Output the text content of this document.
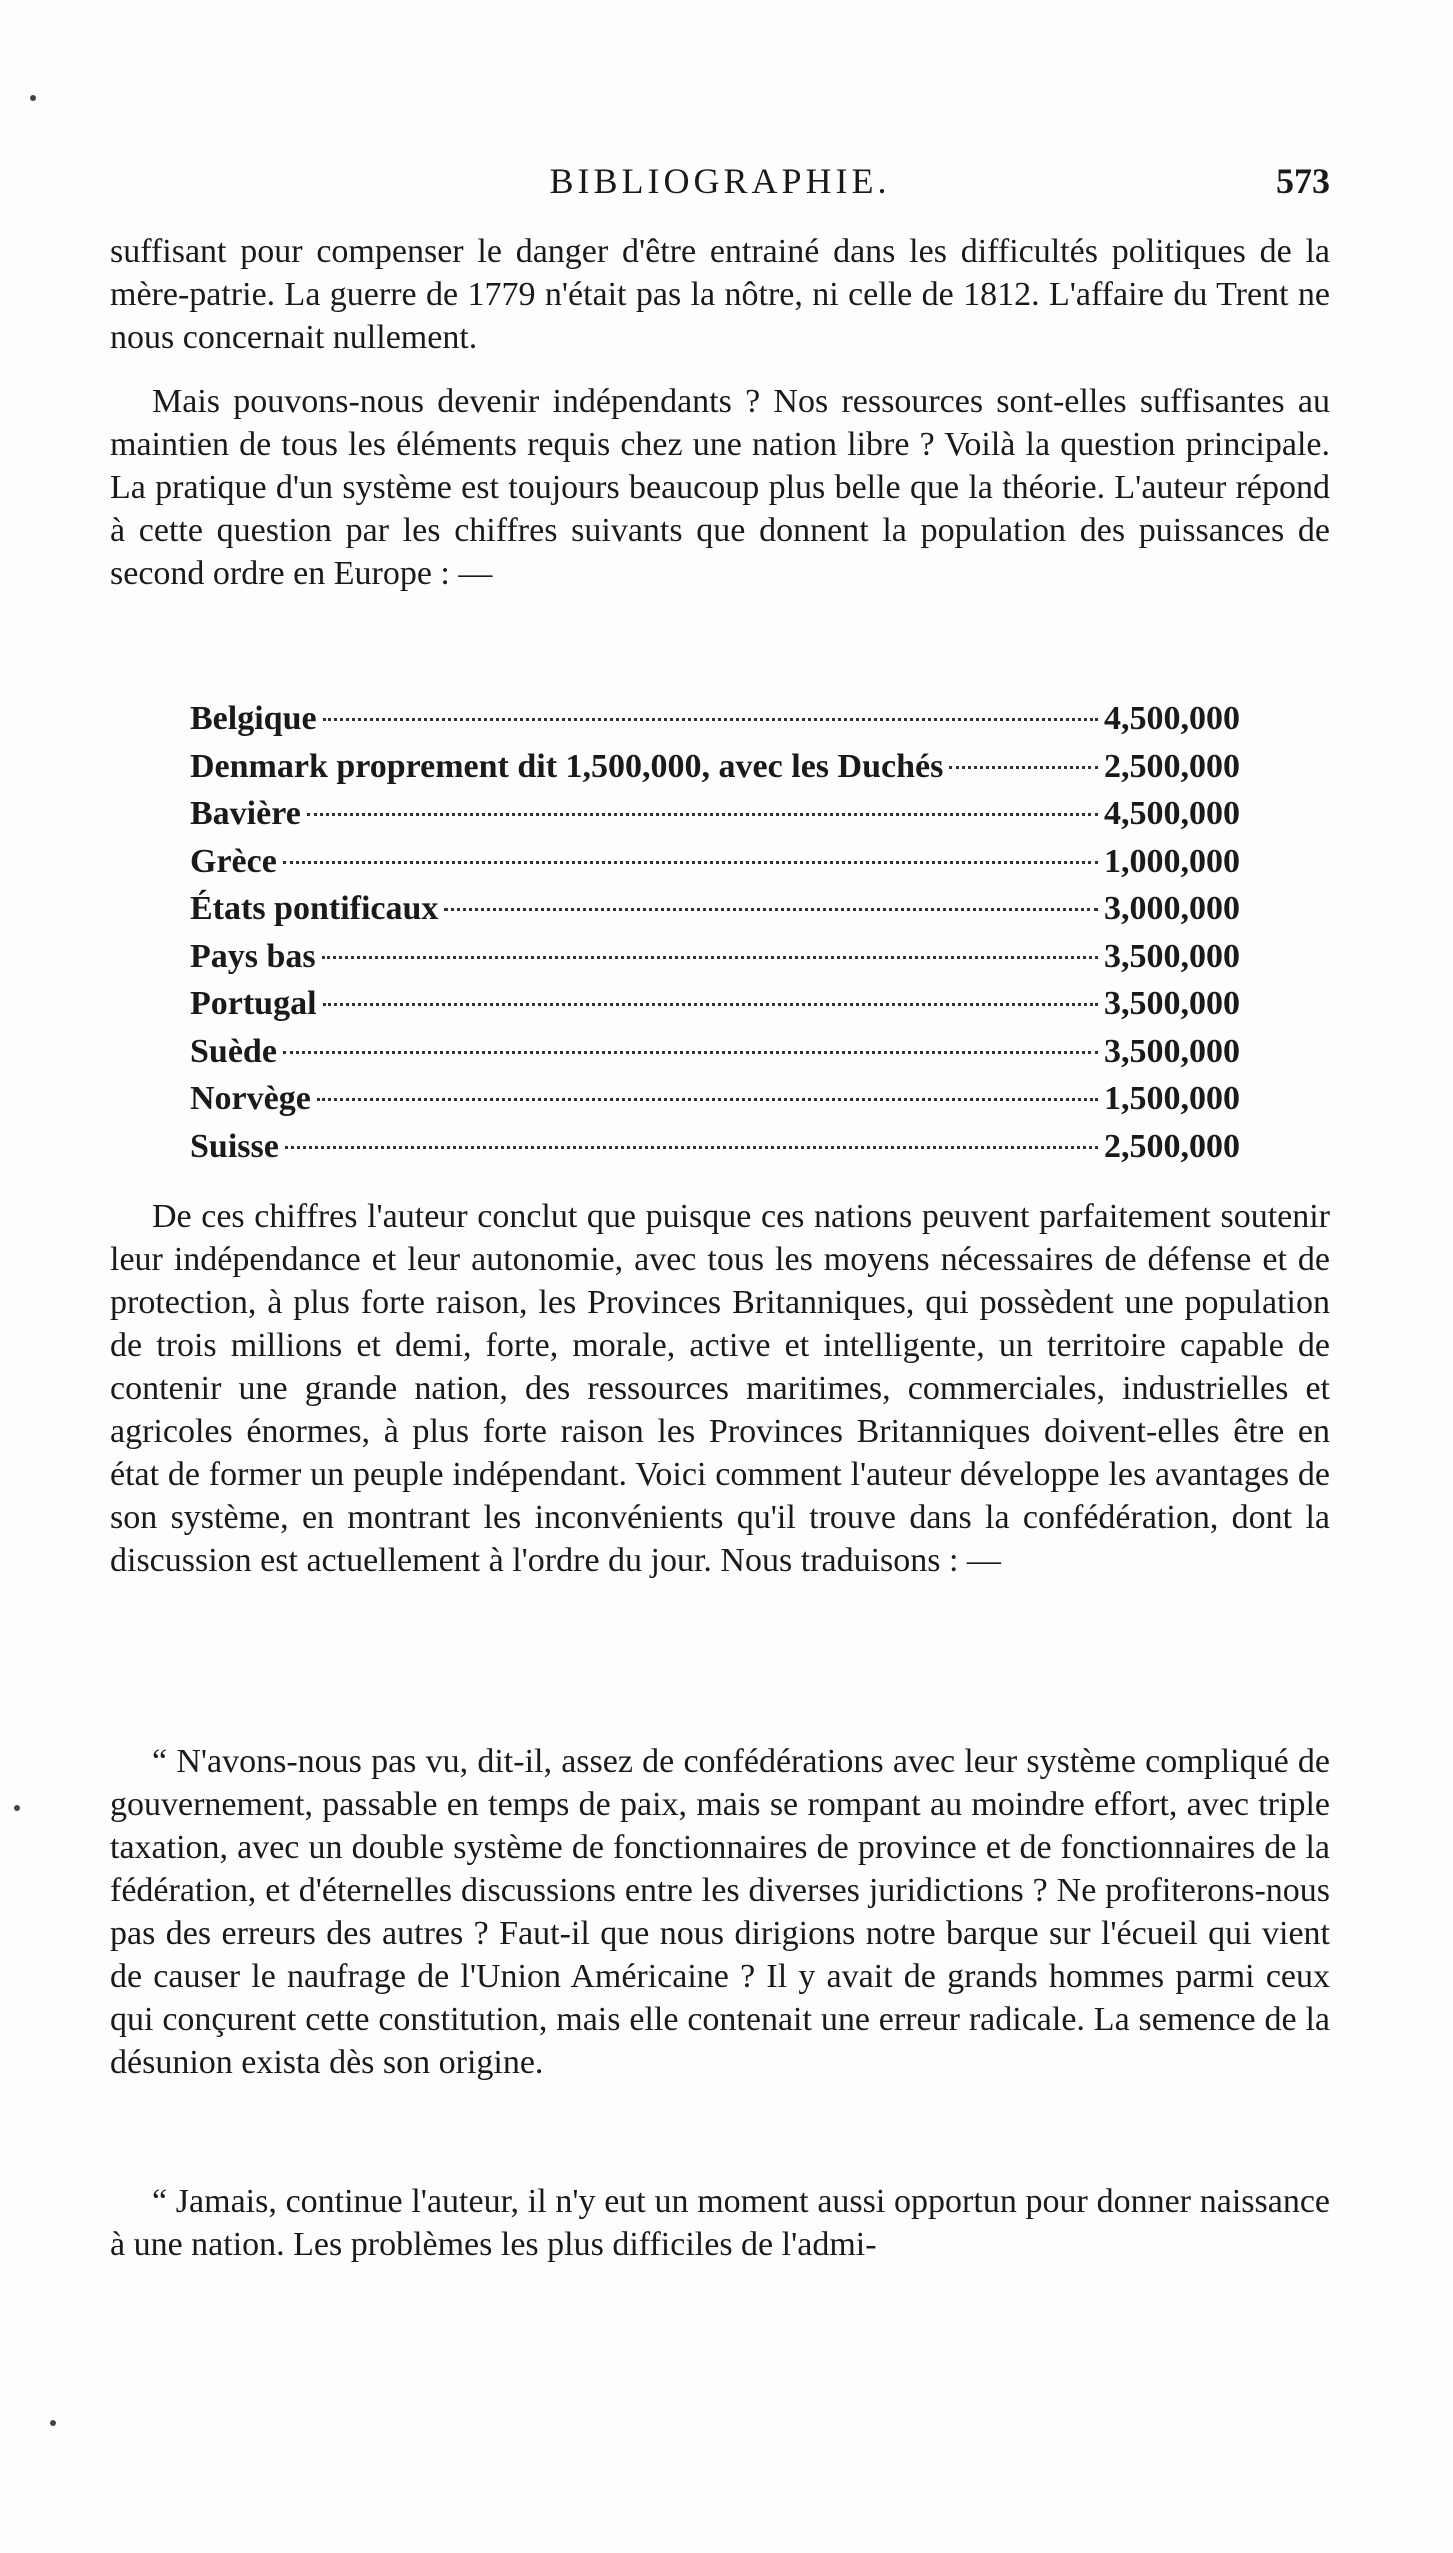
BIBLIOGRAPHIE.	573
suffisant pour compenser le danger d'être entrainé dans les difficultés politiques de la mère-patrie. La guerre de 1779 n'était pas la nôtre, ni celle de 1812. L'affaire du Trent ne nous concernait nullement.
Mais pouvons-nous devenir indépendants ? Nos ressources sont-elles suffisantes au maintien de tous les éléments requis chez une nation libre ? Voilà la question principale. La pratique d'un système est toujours beaucoup plus belle que la théorie. L'auteur répond à cette question par les chiffres suivants que donnent la population des puissances de second ordre en Europe : —
Belgique	4,500,000
Denmark proprement dit 1,500,000, avec les Duchés	2,500,000
Bavière	4,500,000
Grèce	1,000,000
États pontificaux	3,000,000
Pays bas	3,500,000
Portugal	3,500,000
Suède	3,500,000
Norvège	1,500,000
Suisse	2,500,000
De ces chiffres l'auteur conclut que puisque ces nations peuvent parfaitement soutenir leur indépendance et leur autonomie, avec tous les moyens nécessaires de défense et de protection, à plus forte raison, les Provinces Britanniques, qui possèdent une population de trois millions et demi, forte, morale, active et intelligente, un territoire capable de contenir une grande nation, des ressources maritimes, commerciales, industrielles et agricoles énormes, à plus forte raison les Provinces Britanniques doivent-elles être en état de former un peuple indépendant. Voici comment l'auteur développe les avantages de son système, en montrant les inconvénients qu'il trouve dans la confédération, dont la discussion est actuellement à l'ordre du jour. Nous traduisons : —
“ N'avons-nous pas vu, dit-il, assez de confédérations avec leur système compliqué de gouvernement, passable en temps de paix, mais se rompant au moindre effort, avec triple taxation, avec un double système de fonctionnaires de province et de fonctionnaires de la fédération, et d'éternelles discussions entre les diverses juridictions ? Ne profiterons-nous pas des erreurs des autres ? Faut-il que nous dirigions notre barque sur l'écueil qui vient de causer le naufrage de l'Union Américaine ? Il y avait de grands hommes parmi ceux qui conçurent cette constitution, mais elle contenait une erreur radicale. La semence de la désunion exista dès son origine.
“ Jamais, continue l'auteur, il n'y eut un moment aussi opportun pour donner naissance à une nation. Les problèmes les plus difficiles de l'admi-
